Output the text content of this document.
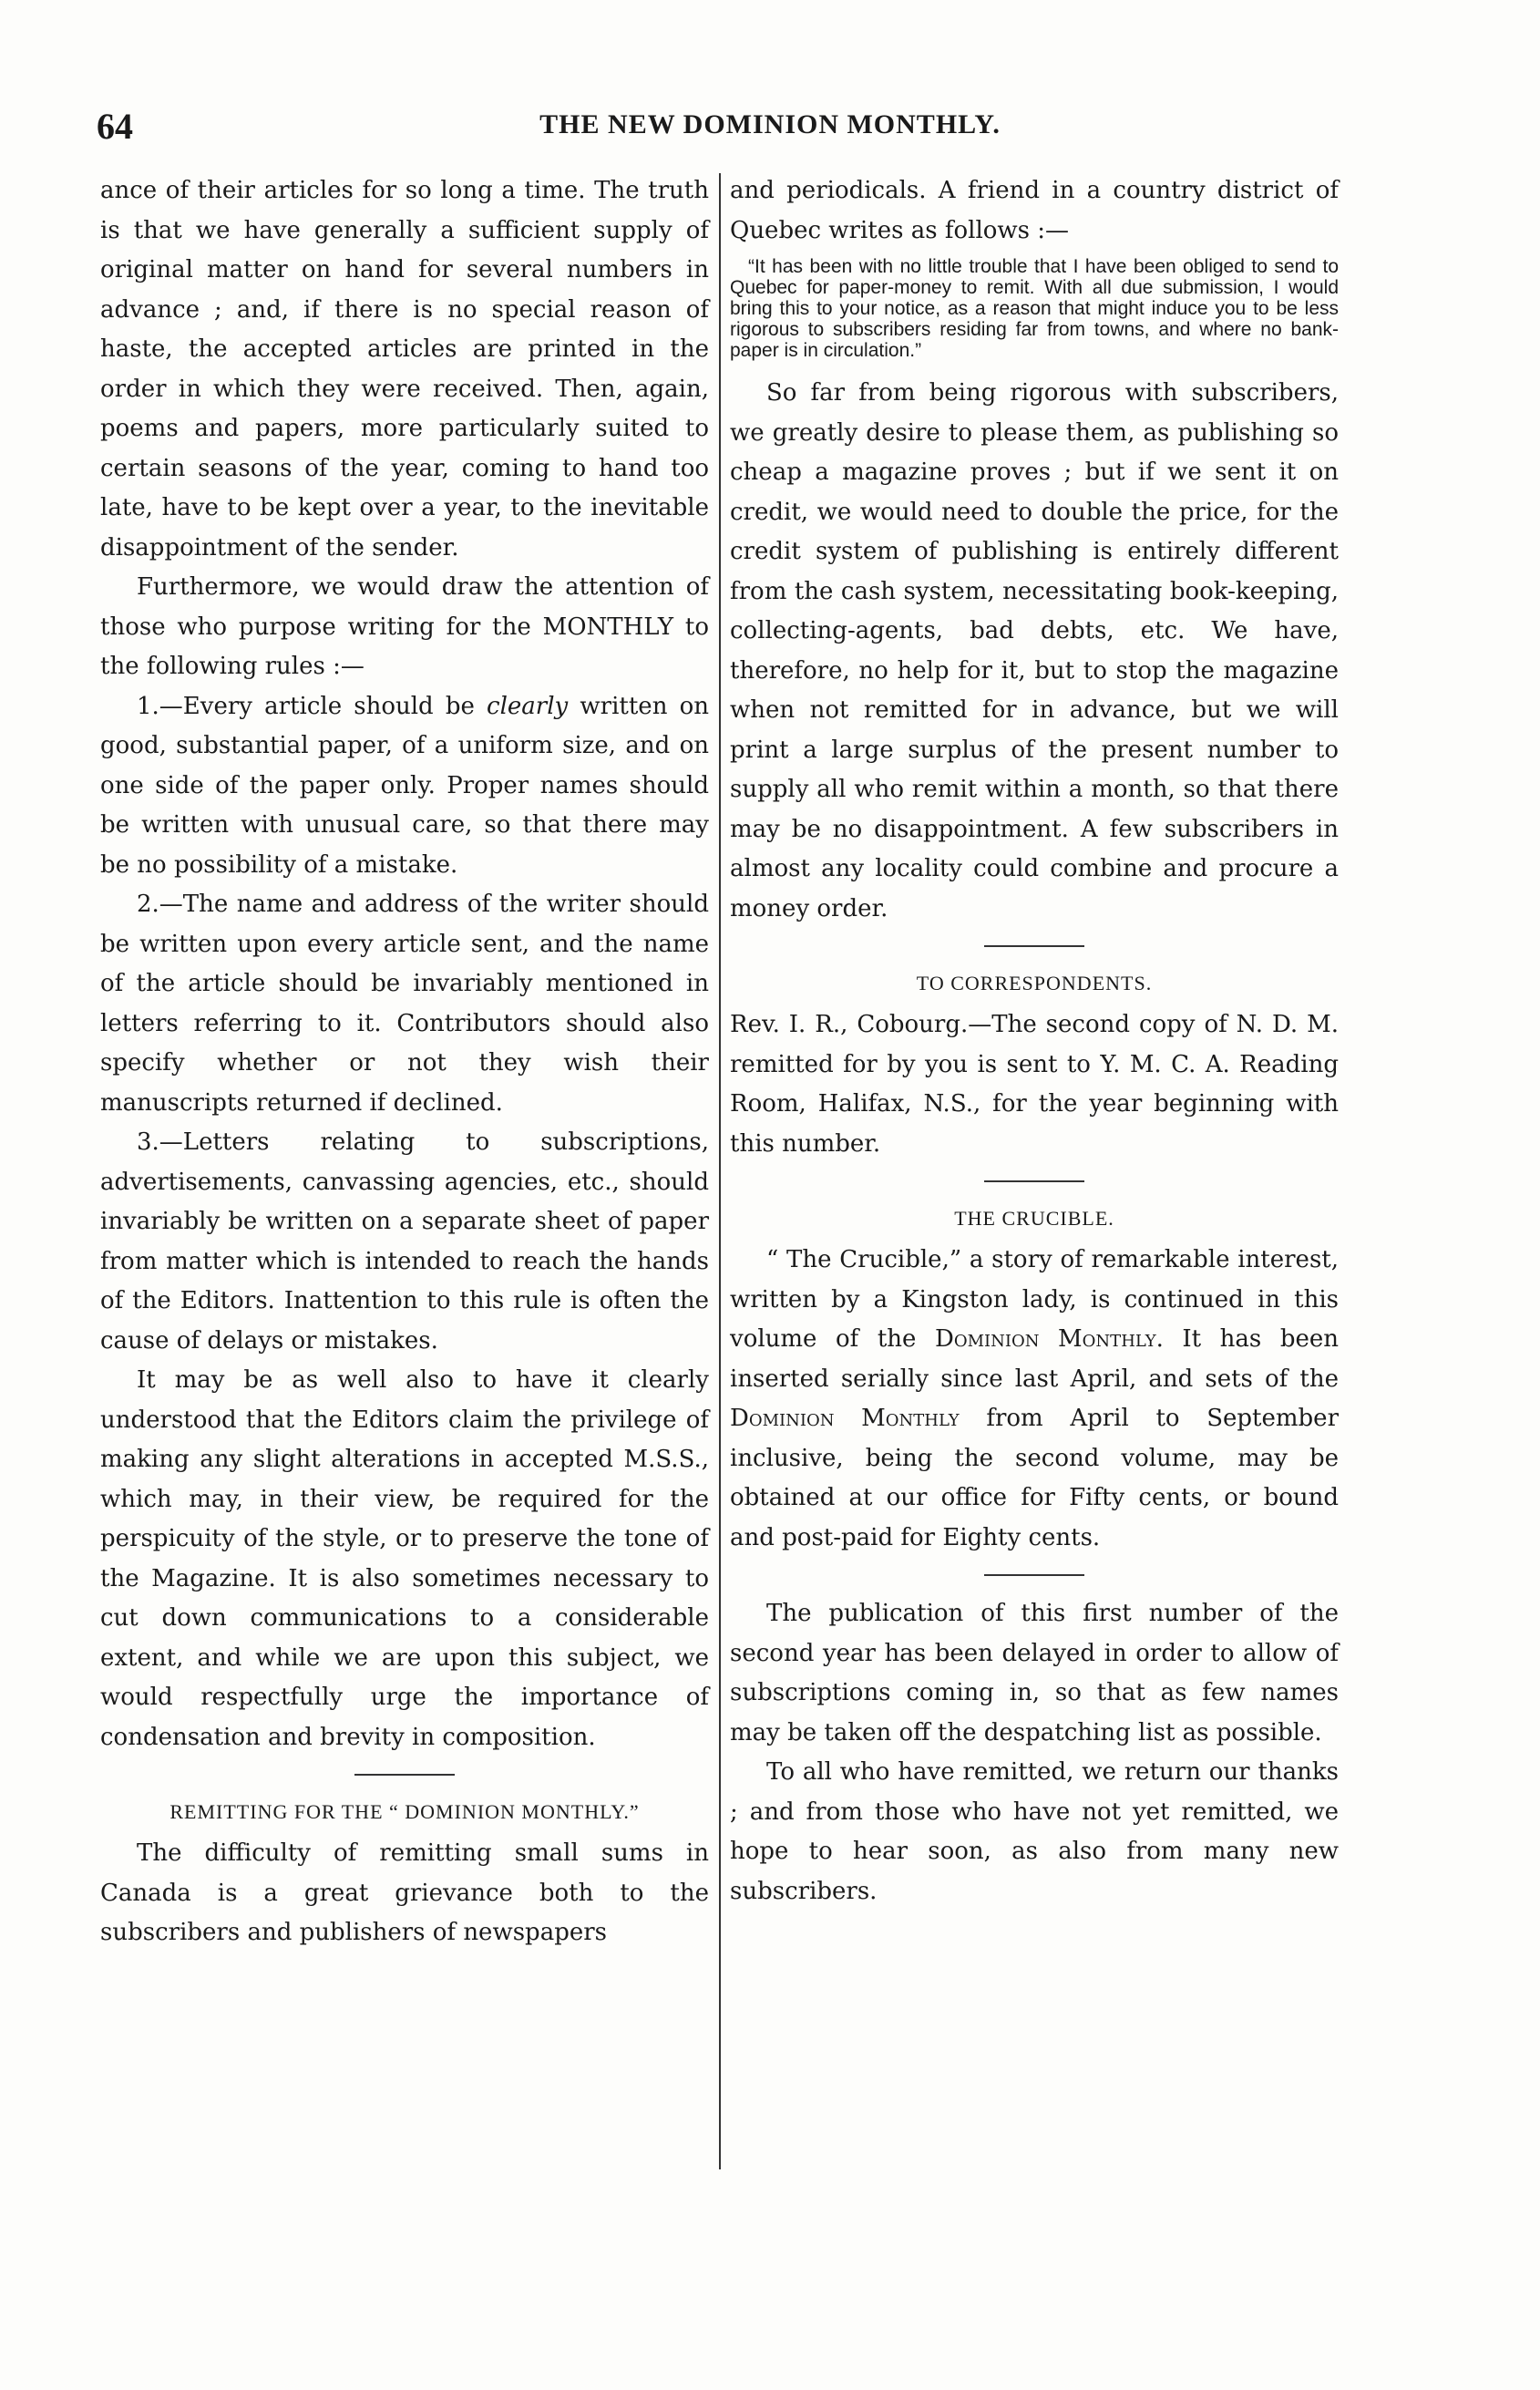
64	THE NEW DOMINION MONTHLY.

ance of their articles for so long a time. The truth is that we have generally a sufficient supply of original matter on hand for several numbers in advance ; and, if there is no special reason of haste, the accepted articles are printed in the order in which they were received. Then, again, poems and papers, more particularly suited to certain seasons of the year, coming to hand too late, have to be kept over a year, to the inevitable disappointment of the sender.

Furthermore, we would draw the attention of those who purpose writing for the MONTHLY to the following rules :—

1.—Every article should be clearly written on good, substantial paper, of a uniform size, and on one side of the paper only. Proper names should be written with unusual care, so that there may be no possibility of a mistake.

2.—The name and address of the writer should be written upon every article sent, and the name of the article should be invariably mentioned in letters referring to it. Contributors should also specify whether or not they wish their manuscripts returned if declined.

3.—Letters relating to subscriptions, advertisements, canvassing agencies, etc., should invariably be written on a separate sheet of paper from matter which is intended to reach the hands of the Editors. Inattention to this rule is often the cause of delays or mistakes.

It may be as well also to have it clearly understood that the Editors claim the privilege of making any slight alterations in accepted M.S.S., which may, in their view, be required for the perspicuity of the style, or to preserve the tone of the Magazine. It is also sometimes necessary to cut down communications to a considerable extent, and while we are upon this subject, we would respectfully urge the importance of condensation and brevity in composition.

REMITTING FOR THE “ DOMINION MONTHLY.”

The difficulty of remitting small sums in Canada is a great grievance both to the subscribers and publishers of newspapers

and periodicals. A friend in a country district of Quebec writes as follows :—

“It has been with no little trouble that I have been obliged to send to Quebec for paper-money to remit. With all due submission, I would bring this to your notice, as a reason that might induce you to be less rigorous to subscribers residing far from towns, and where no bank-paper is in circulation.”

So far from being rigorous with subscribers, we greatly desire to please them, as publishing so cheap a magazine proves ; but if we sent it on credit, we would need to double the price, for the credit system of publishing is entirely different from the cash system, necessitating book-keeping, collecting-agents, bad debts, etc. We have, therefore, no help for it, but to stop the magazine when not remitted for in advance, but we will print a large surplus of the present number to supply all who remit within a month, so that there may be no disappointment. A few subscribers in almost any locality could combine and procure a money order.

TO CORRESPONDENTS.

Rev. I. R., Cobourg.—The second copy of N. D. M. remitted for by you is sent to Y. M. C. A. Reading Room, Halifax, N.S., for the year beginning with this number.

THE CRUCIBLE.

“ The Crucible,” a story of remarkable interest, written by a Kingston lady, is continued in this volume of the Dominion Monthly. It has been inserted serially since last April, and sets of the Dominion Monthly from April to September inclusive, being the second volume, may be obtained at our office for Fifty cents, or bound and post-paid for Eighty cents.

The publication of this first number of the second year has been delayed in order to allow of subscriptions coming in, so that as few names may be taken off the despatching list as possible.

To all who have remitted, we return our thanks ; and from those who have not yet remitted, we hope to hear soon, as also from many new subscribers.
